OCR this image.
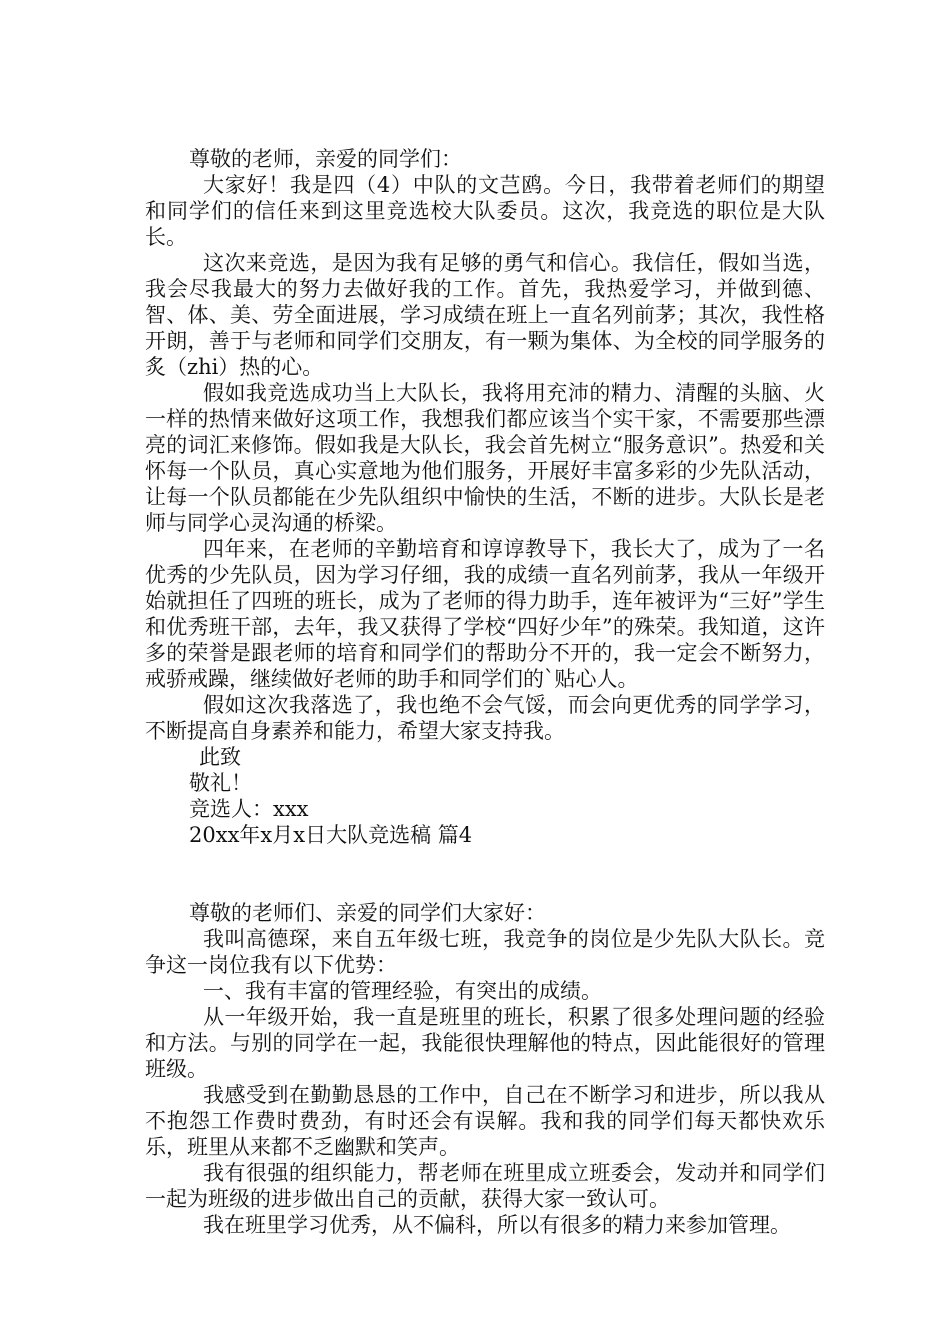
尊敬的老师，亲爱的同学们：

大家好！我是四（4）中队的文芑鸥。今日，我带着老师们的期望和同学们的信任来到这里竞选校大队委员。这次，我竞选的职位是大队长。

这次来竞选，是因为我有足够的勇气和信心。我信任，假如当选，我会尽我最大的努力去做好我的工作。首先，我热爱学习，并做到德、智、体、美、劳全面进展，学习成绩在班上一直名列前茅；其次，我性格开朗，善于与老师和同学们交朋友，有一颗为集体、为全校的同学服务的炙（zhi）热的心。

假如我竞选成功当上大队长，我将用充沛的精力、清醒的头脑、火一样的热情来做好这项工作，我想我们都应该当个实干家，不需要那些漂亮的词汇来修饰。假如我是大队长，我会首先树立“服务意识”。热爱和关怀每一个队员，真心实意地为他们服务，开展好丰富多彩的少先队活动，让每一个队员都能在少先队组织中愉快的生活，不断的进步。大队长是老师与同学心灵沟通的桥梁。

四年来，在老师的辛勤培育和谆谆教导下，我长大了，成为了一名优秀的少先队员，因为学习仔细，我的成绩一直名列前茅，我从一年级开始就担任了四班的班长，成为了老师的得力助手，连年被评为“三好”学生和优秀班干部，去年，我又获得了学校“四好少年”的殊荣。我知道，这许多的荣誉是跟老师的培育和同学们的帮助分不开的，我一定会不断努力，戒骄戒躁，继续做好老师的助手和同学们的`贴心人。

假如这次我落选了，我也绝不会气馁，而会向更优秀的同学学习，不断提高自身素养和能力，希望大家支持我。

此致

敬礼！

竞选人：xxx

20xx年x月x日大队竞选稿 篇4

尊敬的老师们、亲爱的同学们大家好：

我叫高德琛，来自五年级七班，我竞争的岗位是少先队大队长。竞争这一岗位我有以下优势：

一、我有丰富的管理经验，有突出的成绩。

从一年级开始，我一直是班里的班长，积累了很多处理问题的经验和方法。与别的同学在一起，我能很快理解他的特点，因此能很好的管理班级。

我感受到在勤勤恳恳的工作中，自己在不断学习和进步，所以我从不抱怨工作费时费劲，有时还会有误解。我和我的同学们每天都快欢乐乐，班里从来都不乏幽默和笑声。

我有很强的组织能力，帮老师在班里成立班委会，发动并和同学们一起为班级的进步做出自己的贡献，获得大家一致认可。

我在班里学习优秀，从不偏科，所以有很多的精力来参加管理。
